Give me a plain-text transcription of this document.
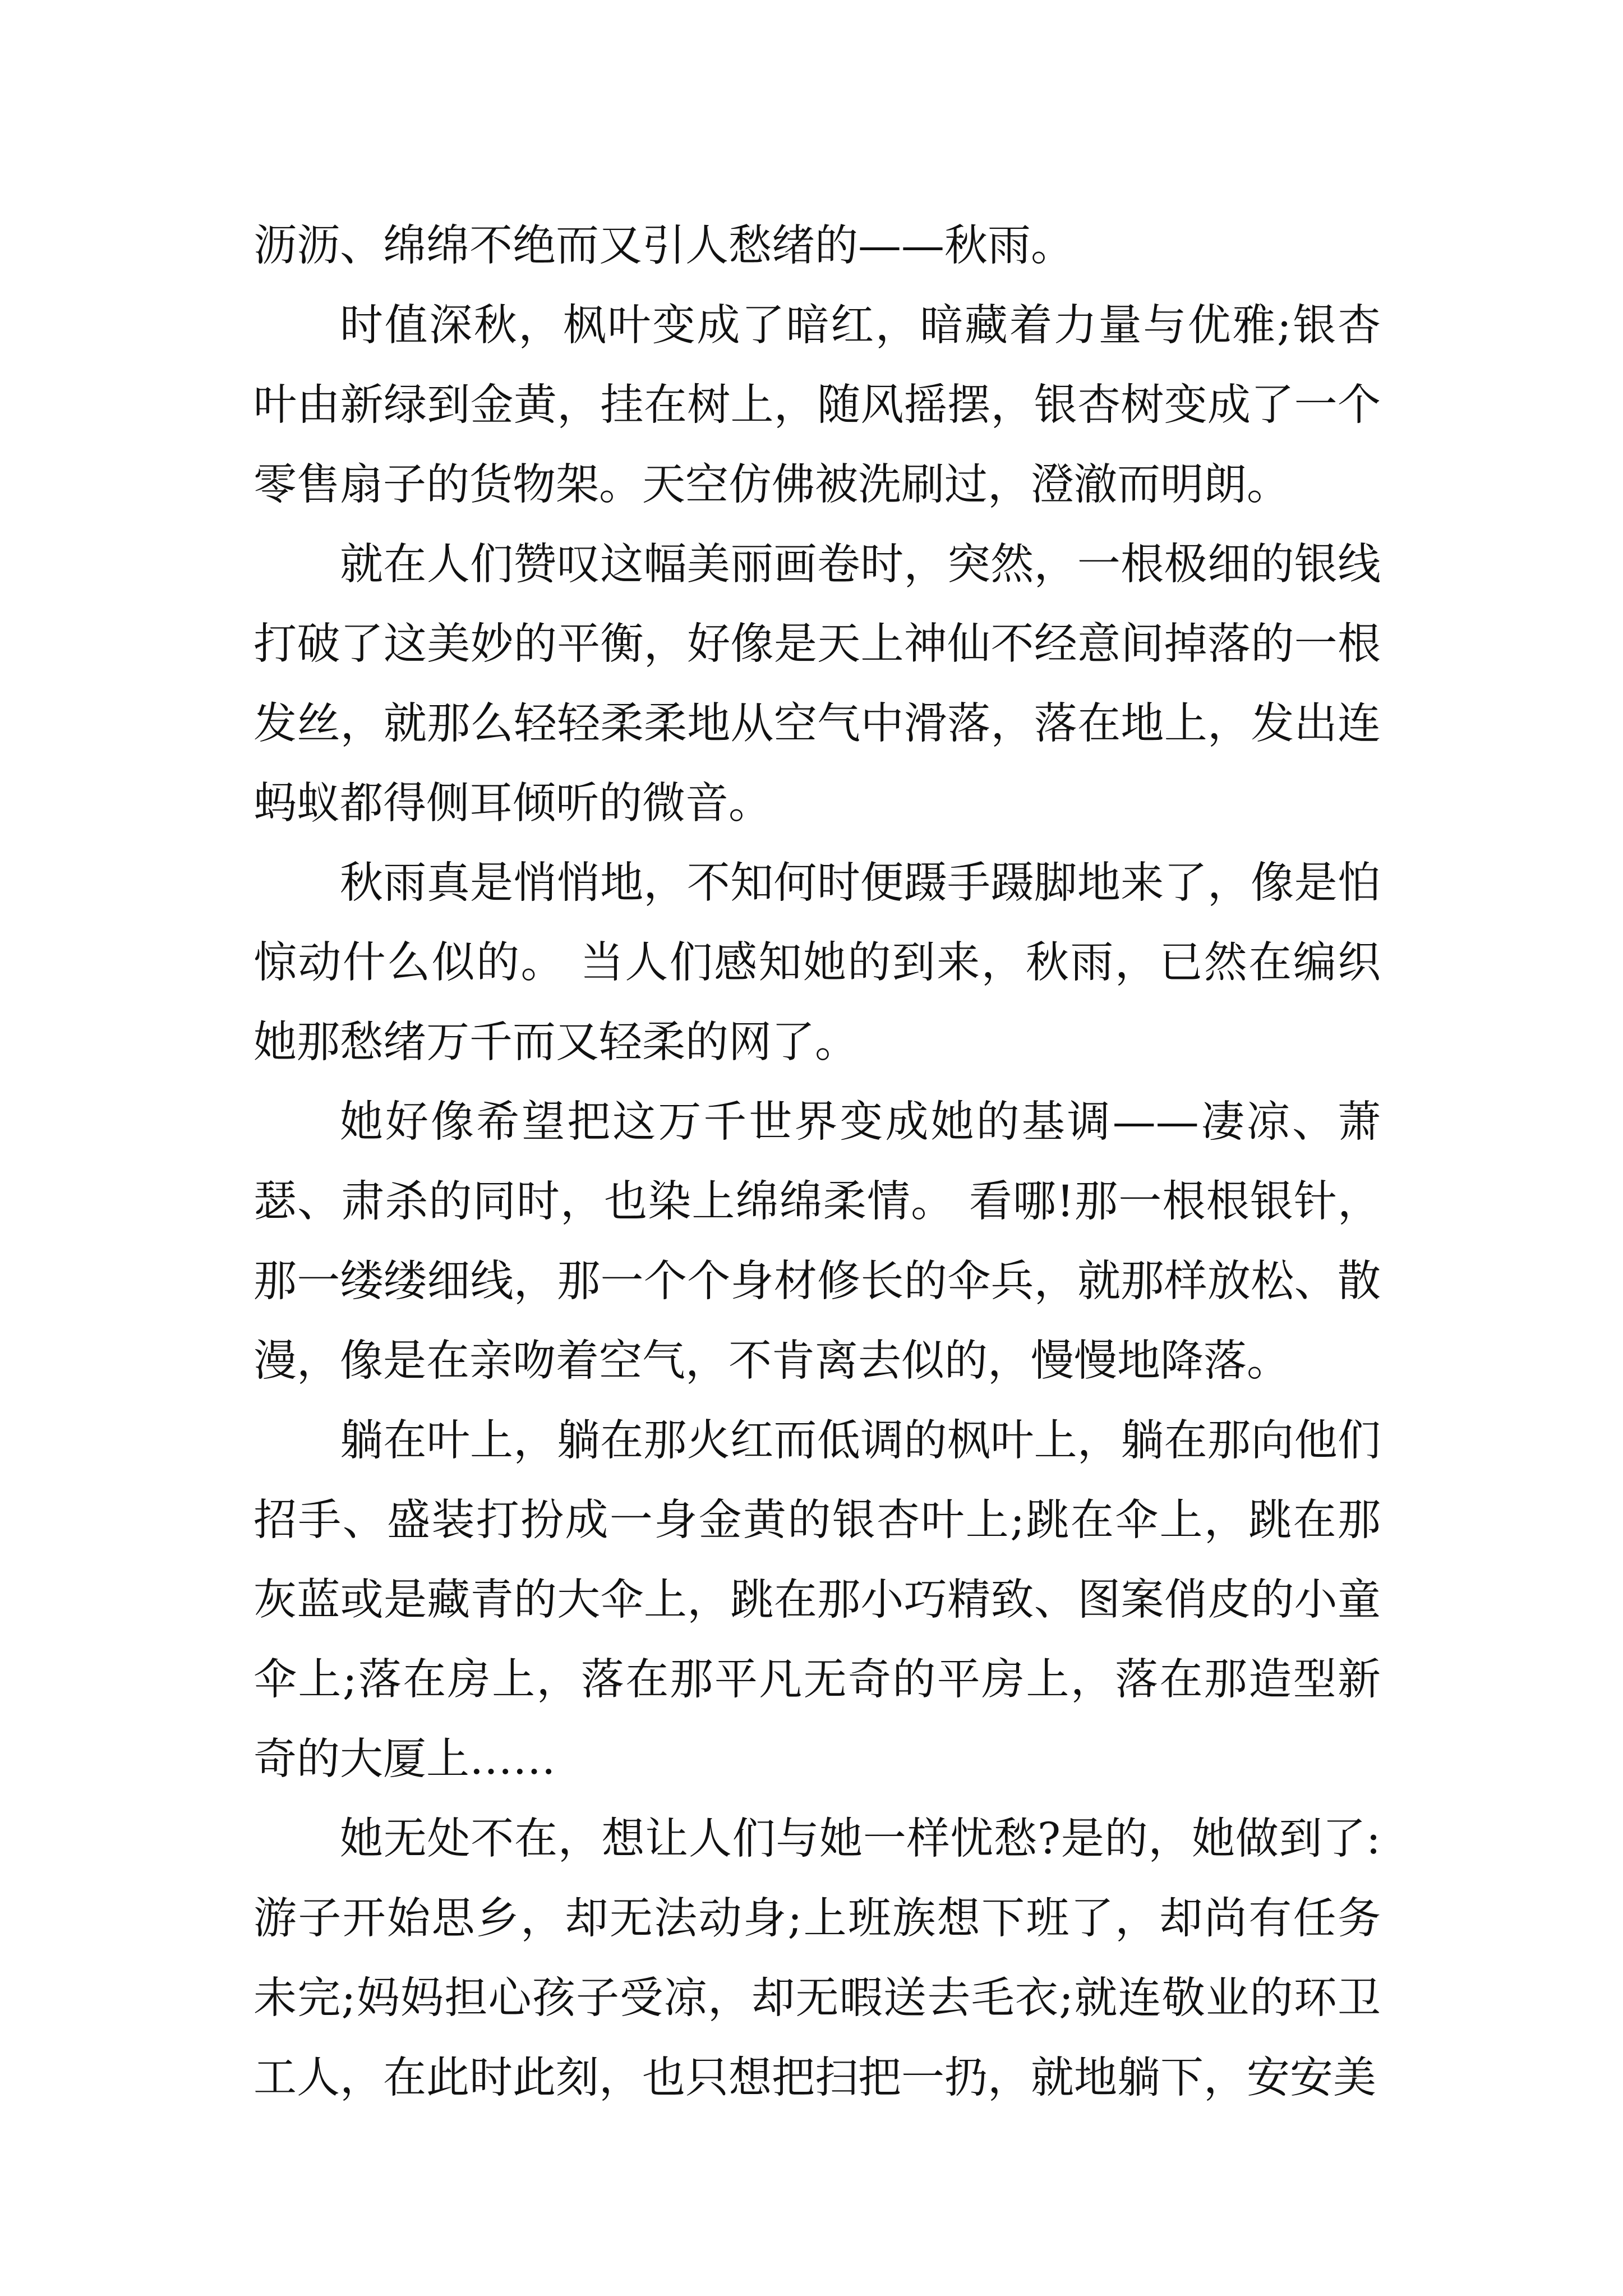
沥沥、绵绵不绝而又引人愁绪的——秋雨。

时值深秋，枫叶变成了暗红，暗藏着力量与优雅;银杏叶由新绿到金黄，挂在树上，随风摇摆，银杏树变成了一个零售扇子的货物架。天空仿佛被洗刷过，澄澈而明朗。

就在人们赞叹这幅美丽画卷时，突然，一根极细的银线打破了这美妙的平衡，好像是天上神仙不经意间掉落的一根发丝，就那么轻轻柔柔地从空气中滑落，落在地上，发出连蚂蚁都得侧耳倾听的微音。

秋雨真是悄悄地，不知何时便蹑手蹑脚地来了，像是怕惊动什么似的。 当人们感知她的到来，秋雨，已然在编织她那愁绪万千而又轻柔的网了。

她好像希望把这万千世界变成她的基调——凄凉、萧瑟、肃杀的同时，也染上绵绵柔情。 看哪!那一根根银针，那一缕缕细线，那一个个身材修长的伞兵，就那样放松、散漫，像是在亲吻着空气，不肯离去似的，慢慢地降落。

躺在叶上，躺在那火红而低调的枫叶上，躺在那向他们招手、盛装打扮成一身金黄的银杏叶上;跳在伞上，跳在那灰蓝或是藏青的大伞上，跳在那小巧精致、图案俏皮的小童伞上;落在房上，落在那平凡无奇的平房上，落在那造型新奇的大厦上……

她无处不在，想让人们与她一样忧愁?是的，她做到了:游子开始思乡，却无法动身;上班族想下班了，却尚有任务未完;妈妈担心孩子受凉，却无暇送去毛衣;就连敬业的环卫工人，在此时此刻，也只想把扫把一扔，就地躺下，安安美
